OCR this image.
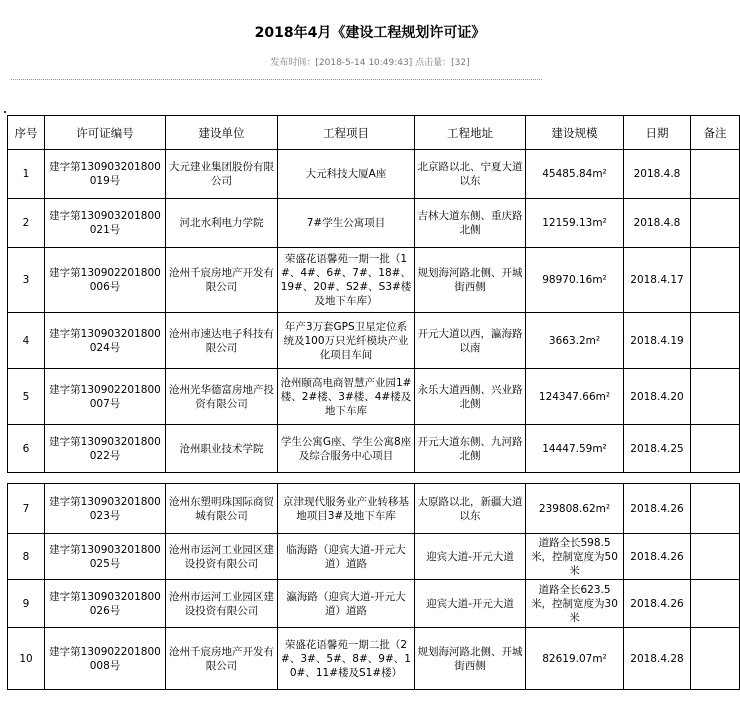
2018年4月《建设工程规划许可证》
发布时间：[2018-5-14 10:49:43] 点击量：[32]
序号	许可证编号	建设单位	工程项目	工程地址	建设规模	日期	备注
1	建字第130903201800019号	大元建业集团股份有限公司	大元科技大厦A座	北京路以北、宁夏大道以东	45485.84m²	2018.4.8	
2	建字第130903201800021号	河北水利电力学院	7#学生公寓项目	吉林大道东侧、重庆路北侧	12159.13m²	2018.4.8	
3	建字第130902201800006号	沧州千宸房地产开发有限公司	荣盛花语馨苑一期一批（1#、4#、6#、7#、18#、19#、20#、S2#、S3#楼及地下车库）	规划海河路北侧、开城街西侧	98970.16m²	2018.4.17	
4	建字第130903201800024号	沧州市速达电子科技有限公司	年产3万套GPS卫星定位系统及100万只光纤模块产业化项目车间	开元大道以西，瀛海路以南	3663.2m²	2018.4.19	
5	建字第130902201800007号	沧州光华德富房地产投资有限公司	沧州颐高电商智慧产业园1#楼、2#楼、3#楼、4#楼及地下车库	永乐大道西侧、兴业路北侧	124347.66m²	2018.4.20	
6	建字第130903201800022号	沧州职业技术学院	学生公寓G座、学生公寓8座及综合服务中心项目	开元大道东侧、九河路北侧	14447.59m²	2018.4.25	
7	建字第130903201800023号	沧州东塑明珠国际商贸城有限公司	京津现代服务业产业转移基地项目3#及地下车库	太原路以北，新疆大道以东	239808.62m²	2018.4.26	
8	建字第130903201800025号	沧州市运河工业园区建设投资有限公司	临海路（迎宾大道-开元大道）道路	迎宾大道-开元大道	道路全长598.5米，控制宽度为50米	2018.4.26	
9	建字第130903201800026号	沧州市运河工业园区建设投资有限公司	瀛海路（迎宾大道-开元大道）道路	迎宾大道-开元大道	道路全长623.5米，控制宽度为30米	2018.4.26	
10	建字第130902201800008号	沧州千宸房地产开发有限公司	荣盛花语馨苑一期二批（2#、3#、5#、8#、9#、10#、11#楼及S1#楼）	规划海河路北侧、开城街西侧	82619.07m²	2018.4.28	
